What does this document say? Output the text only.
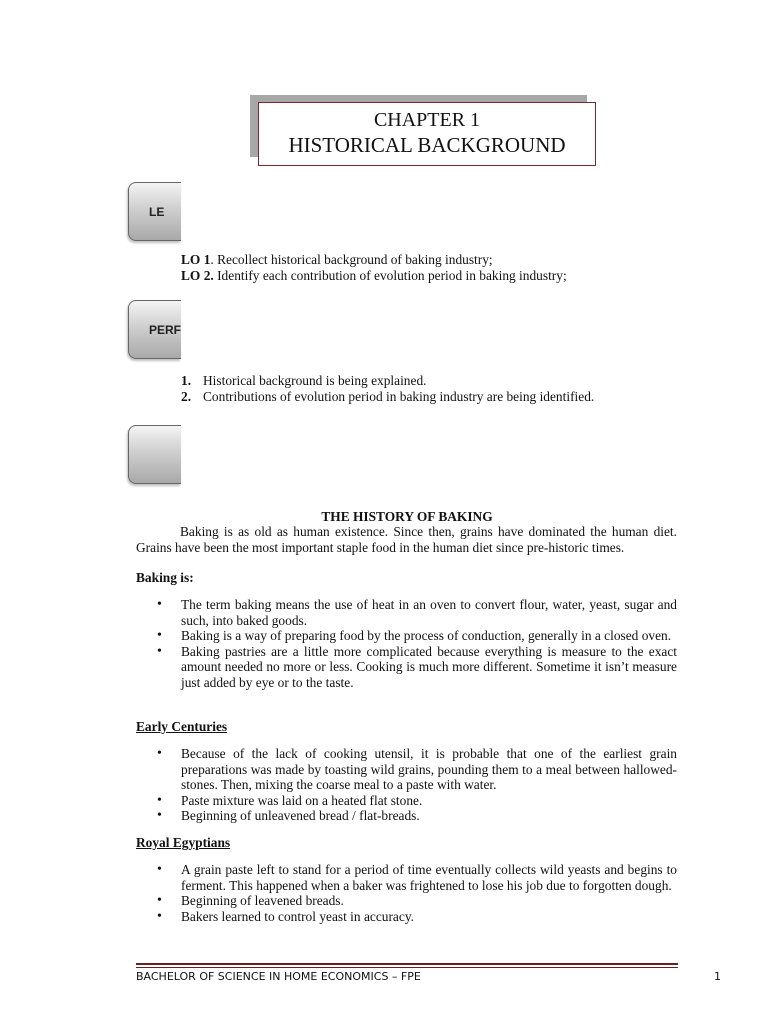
CHAPTER 1
HISTORICAL BACKGROUND
LE
LO 1. Recollect historical background of baking industry;
LO 2. Identify each contribution of evolution period in baking industry;
PERF
1. Historical background is being explained.
2. Contributions of evolution period in baking industry are being identified.
THE HISTORY OF BAKING
Baking is as old as human existence. Since then, grains have dominated the human diet. Grains have been the most important staple food in the human diet since pre-historic times.
Baking is:
• The term baking means the use of heat in an oven to convert flour, water, yeast, sugar and such, into baked goods.
• Baking is a way of preparing food by the process of conduction, generally in a closed oven.
• Baking pastries are a little more complicated because everything is measure to the exact amount needed no more or less. Cooking is much more different. Sometime it isn’t measure just added by eye or to the taste.
Early Centuries
• Because of the lack of cooking utensil, it is probable that one of the earliest grain preparations was made by toasting wild grains, pounding them to a meal between hallowed-stones. Then, mixing the coarse meal to a paste with water.
• Paste mixture was laid on a heated flat stone.
• Beginning of unleavened bread / flat-breads.
Royal Egyptians
• A grain paste left to stand for a period of time eventually collects wild yeasts and begins to ferment. This happened when a baker was frightened to lose his job due to forgotten dough.
• Beginning of leavened breads.
• Bakers learned to control yeast in accuracy.
BACHELOR OF SCIENCE IN HOME ECONOMICS – FPE	1
